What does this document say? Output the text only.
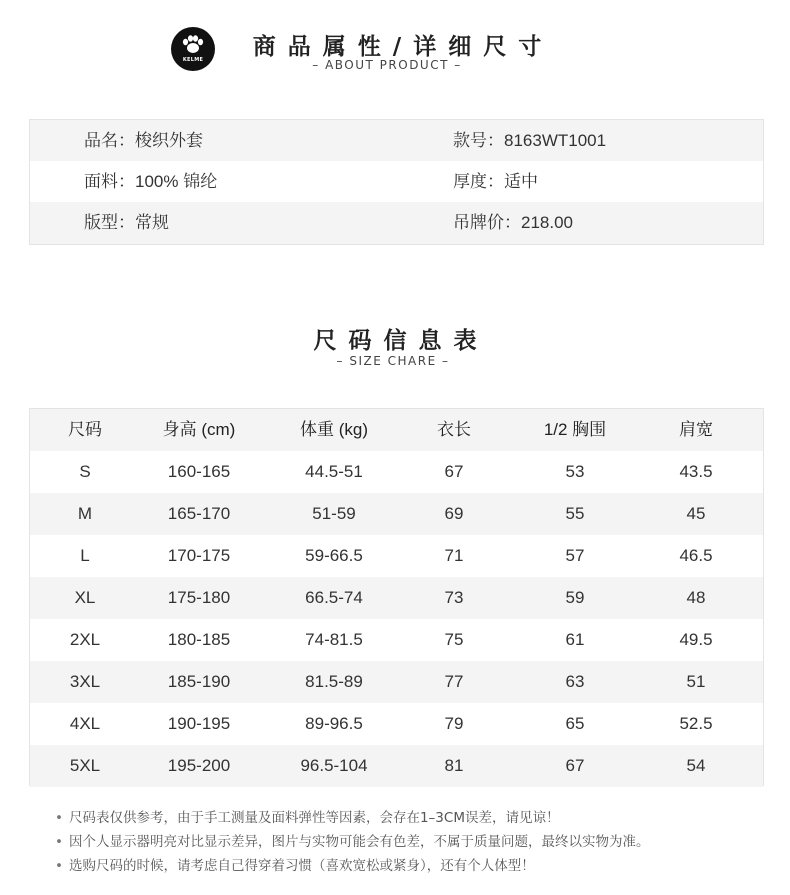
KELME	商品属性/详细尺寸
– ABOUT PRODUCT –
品名：梭织外套	款号：8163WT1001
面料：100% 锦纶	厚度：适中
版型：常规	吊牌价：218.00
尺码信息表
– SIZE CHARE –
尺码	身高 (cm)	体重 (kg)	衣长	1/2 胸围	肩宽
S	160-165	44.5-51	67	53	43.5
M	165-170	51-59	69	55	45
L	170-175	59-66.5	71	57	46.5
XL	175-180	66.5-74	73	59	48
2XL	180-185	74-81.5	75	61	49.5
3XL	185-190	81.5-89	77	63	51
4XL	190-195	89-96.5	79	65	52.5
5XL	195-200	96.5-104	81	67	54
• 尺码表仅供参考，由于手工测量及面料弹性等因素，会存在1–3CM误差，请见谅！
• 因个人显示器明亮对比显示差异，图片与实物可能会有色差，不属于质量问题，最终以实物为准。
• 选购尺码的时候，请考虑自己得穿着习惯（喜欢宽松或紧身），还有个人体型！
